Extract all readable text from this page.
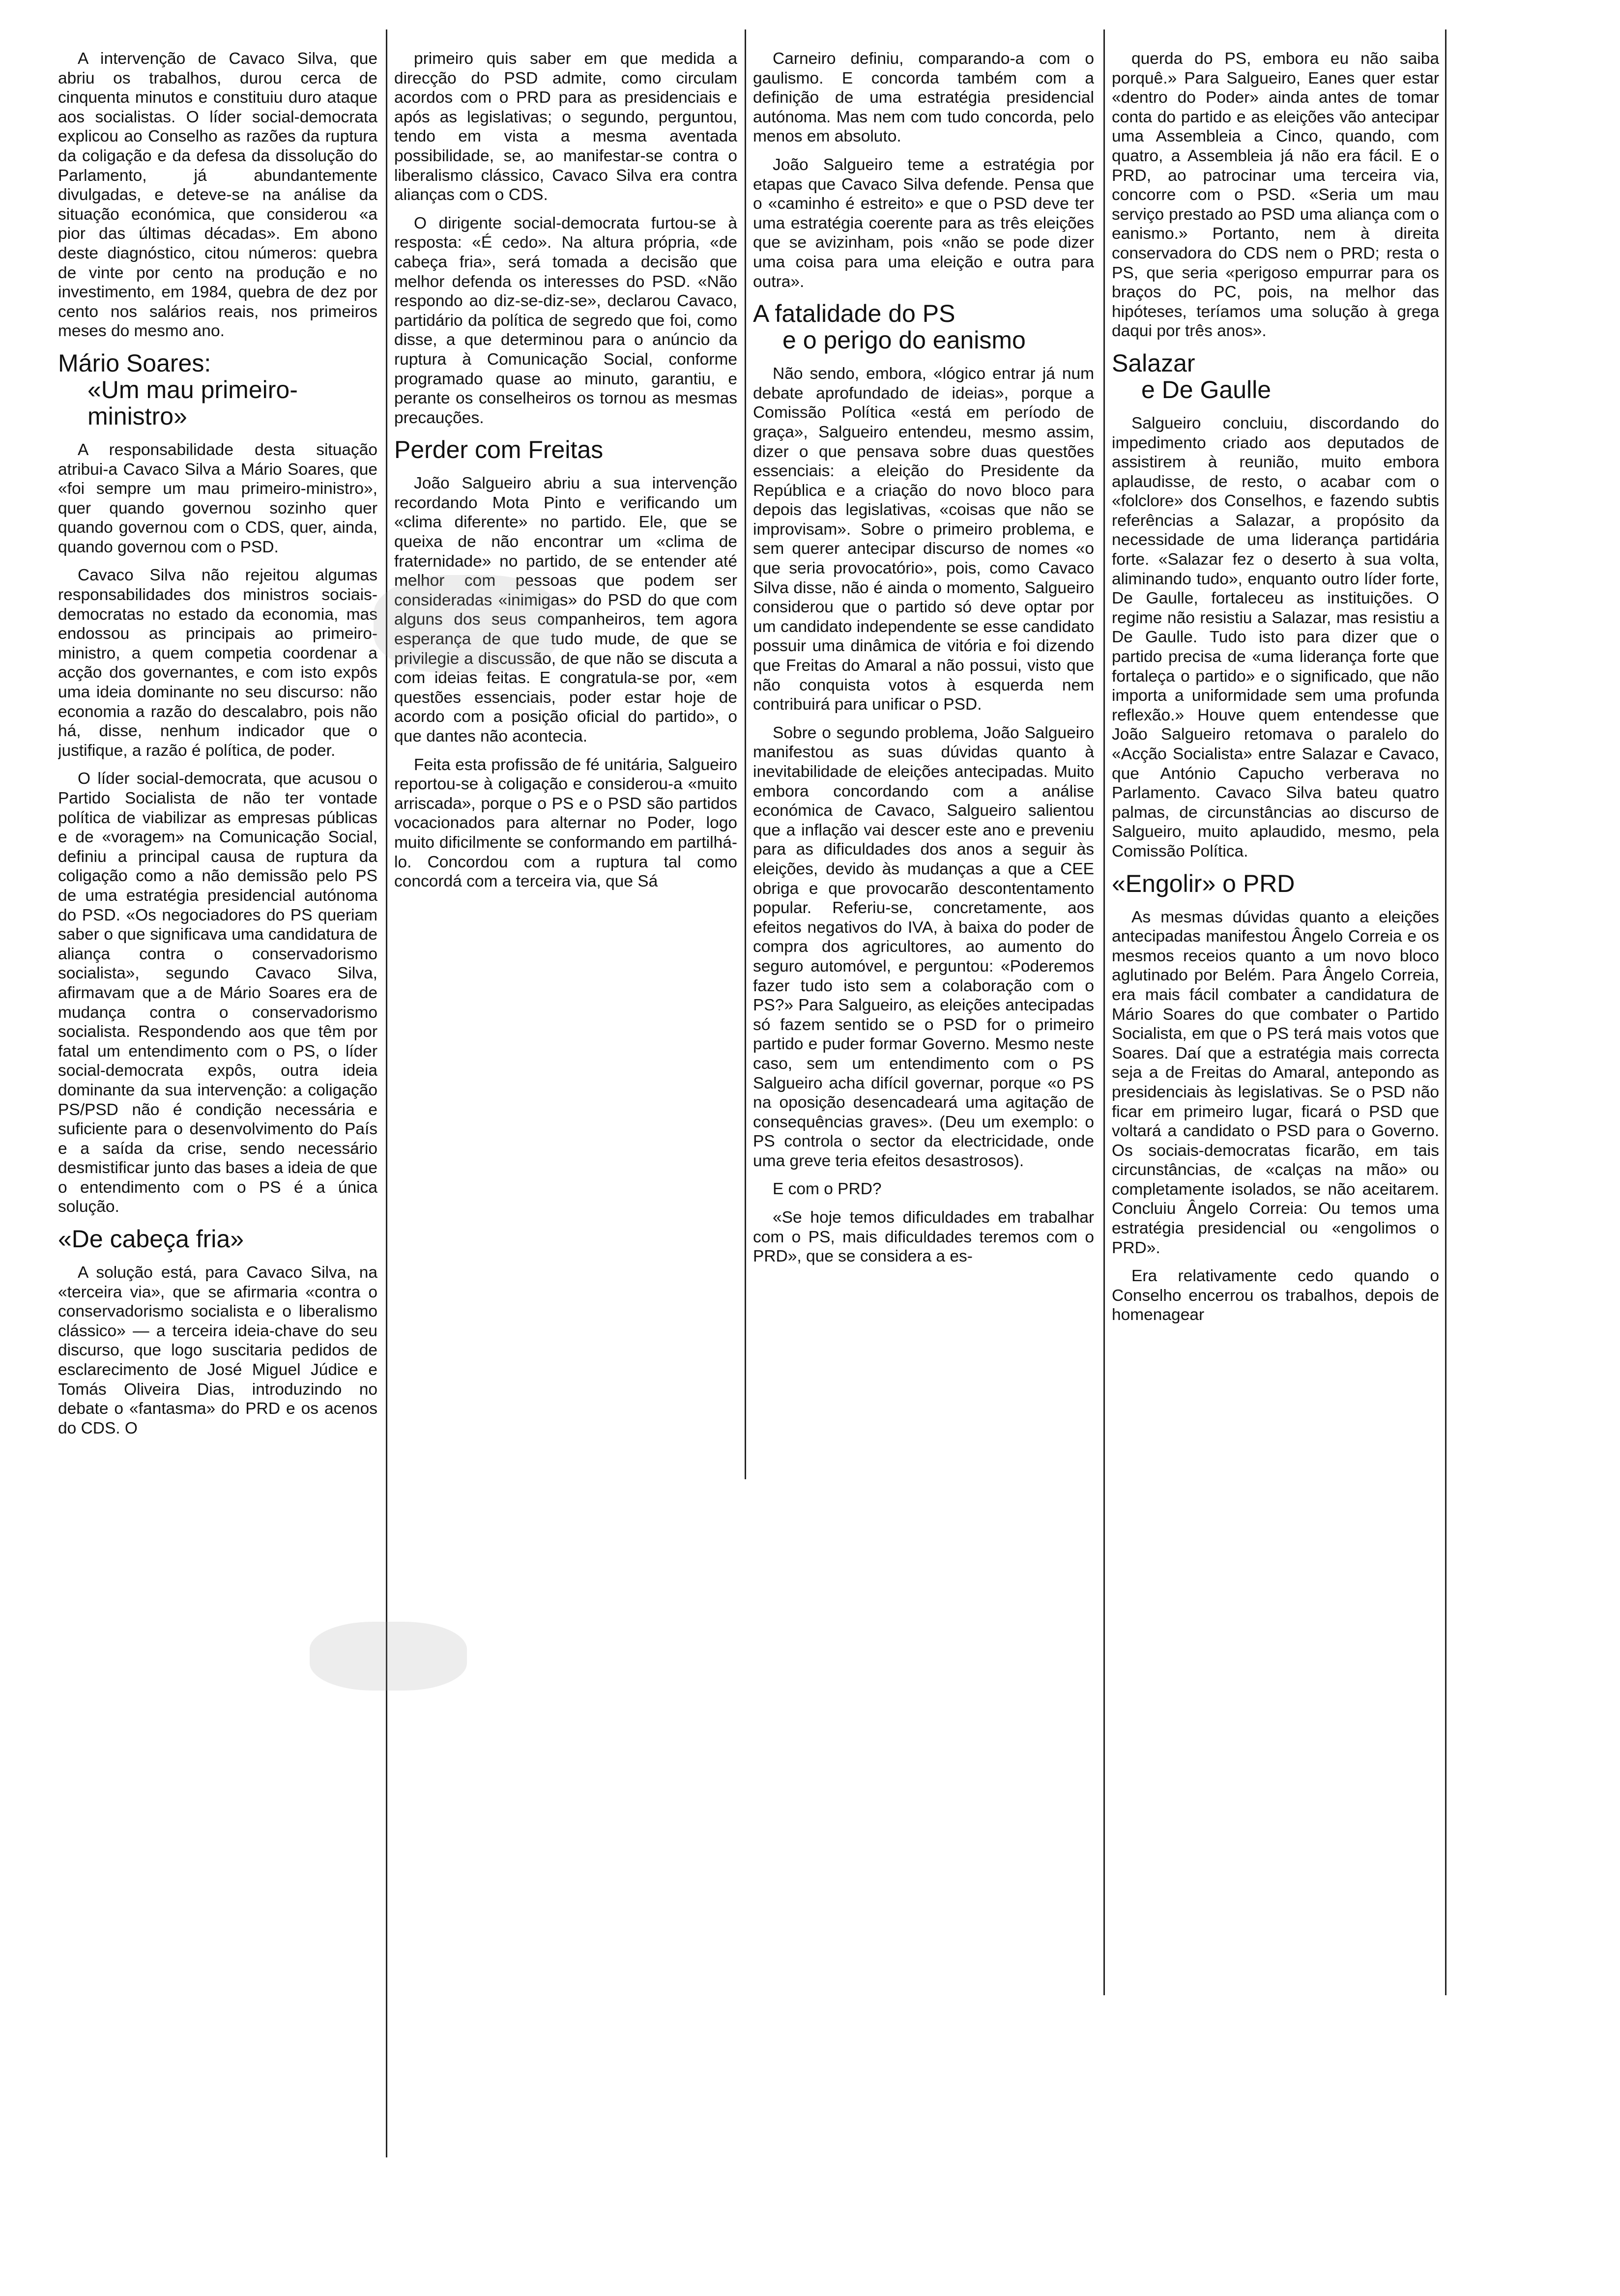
A intervenção de Cavaco Silva, que abriu os trabalhos, durou cerca de cinquenta minutos e constituiu duro ataque aos socialistas. O líder social-democrata explicou ao Conselho as razões da ruptura da coligação e da defesa da dissolução do Parlamento, já abundantemente divulgadas, e deteve-se na análise da situação económica, que considerou «a pior das últimas décadas». Em abono deste diagnóstico, citou números: quebra de vinte por cento na produção e no investimento, em 1984, quebra de dez por cento nos salários reais, nos primeiros meses do mesmo ano.

Mário Soares:
«Um mau primeiro-ministro»

A responsabilidade desta situação atribui-a Cavaco Silva a Mário Soares, que «foi sempre um mau primeiro-ministro», quer quando governou sozinho quer quando governou com o CDS, quer, ainda, quando governou com o PSD.

Cavaco Silva não rejeitou algumas responsabilidades dos ministros sociais-democratas no estado da economia, mas endossou as principais ao primeiro-ministro, a quem competia coordenar a acção dos governantes, e com isto expôs uma ideia dominante no seu discurso: não economia a razão do descalabro, pois não há, disse, nenhum indicador que o justifique, a razão é política, de poder.

O líder social-democrata, que acusou o Partido Socialista de não ter vontade política de viabilizar as empresas públicas e de «voragem» na Comunicação Social, definiu a principal causa de ruptura da coligação como a não demissão pelo PS de uma estratégia presidencial autónoma do PSD. «Os negociadores do PS queriam saber o que significava uma candidatura de aliança contra o conservadorismo socialista», segundo Cavaco Silva, afirmavam que a de Mário Soares era de mudança contra o conservadorismo socialista. Respondendo aos que têm por fatal um entendimento com o PS, o líder social-democrata expôs, outra ideia dominante da sua intervenção: a coligação PS/PSD não é condição necessária e suficiente para o desenvolvimento do País e a saída da crise, sendo necessário desmistificar junto das bases a ideia de que o entendimento com o PS é a única solução.

«De cabeça fria»

A solução está, para Cavaco Silva, na «terceira via», que se afirmaria «contra o conservadorismo socialista e o liberalismo clássico» — a terceira ideia-chave do seu discurso, que logo suscitaria pedidos de esclarecimento de José Miguel Júdice e Tomás Oliveira Dias, introduzindo no debate o «fantasma» do PRD e os acenos do CDS. O

primeiro quis saber em que medida a direcção do PSD admite, como circulam acordos com o PRD para as presidenciais e após as legislativas; o segundo, perguntou, tendo em vista a mesma aventada possibilidade, se, ao manifestar-se contra o liberalismo clássico, Cavaco Silva era contra alianças com o CDS.

O dirigente social-democrata furtou-se à resposta: «É cedo». Na altura própria, «de cabeça fria», será tomada a decisão que melhor defenda os interesses do PSD. «Não respondo ao diz-se-diz-se», declarou Cavaco, partidário da política de segredo que foi, como disse, a que determinou para o anúncio da ruptura à Comunicação Social, conforme programado quase ao minuto, garantiu, e perante os conselheiros os tornou as mesmas precauções.

Perder com Freitas

João Salgueiro abriu a sua intervenção recordando Mota Pinto e verificando um «clima diferente» no partido. Ele, que se queixa de não encontrar um «clima de fraternidade» no partido, de se entender até melhor com pessoas que podem ser consideradas «inimigas» do PSD do que com alguns dos seus companheiros, tem agora esperança de que tudo mude, de que se privilegie a discussão, de que não se discuta a com ideias feitas. E congratula-se por, «em questões essenciais, poder estar hoje de acordo com a posição oficial do partido», o que dantes não acontecia.

Feita esta profissão de fé unitária, Salgueiro reportou-se à coligação e considerou-a «muito arriscada», porque o PS e o PSD são partidos vocacionados para alternar no Poder, logo muito dificilmente se conformando em partilhá-lo. Concordou com a ruptura tal como concordá com a terceira via, que Sá

Carneiro definiu, comparando-a com o gaulismo. E concorda também com a definição de uma estratégia presidencial autónoma. Mas nem com tudo concorda, pelo menos em absoluto.

João Salgueiro teme a estratégia por etapas que Cavaco Silva defende. Pensa que o «caminho é estreito» e que o PSD deve ter uma estratégia coerente para as três eleições que se avizinham, pois «não se pode dizer uma coisa para uma eleição e outra para outra».

A fatalidade do PS
e o perigo do eanismo

Não sendo, embora, «lógico entrar já num debate aprofundado de ideias», porque a Comissão Política «está em período de graça», Salgueiro entendeu, mesmo assim, dizer o que pensava sobre duas questões essenciais: a eleição do Presidente da República e a criação do novo bloco para depois das legislativas, «coisas que não se improvisam». Sobre o primeiro problema, e sem querer antecipar discurso de nomes «o que seria provocatório», pois, como Cavaco Silva disse, não é ainda o momento, Salgueiro considerou que o partido só deve optar por um candidato independente se esse candidato possuir uma dinâmica de vitória e foi dizendo que Freitas do Amaral a não possui, visto que não conquista votos à esquerda nem contribuirá para unificar o PSD.

Sobre o segundo problema, João Salgueiro manifestou as suas dúvidas quanto à inevitabilidade de eleições antecipadas. Muito embora concordando com a análise económica de Cavaco, Salgueiro salientou que a inflação vai descer este ano e preveniu para as dificuldades dos anos a seguir às eleições, devido às mudanças a que a CEE obriga e que provocarão descontentamento popular. Referiu-se, concretamente, aos efeitos negativos do IVA, à baixa do poder de compra dos agricultores, ao aumento do seguro automóvel, e perguntou: «Poderemos fazer tudo isto sem a colaboração com o PS?» Para Salgueiro, as eleições antecipadas só fazem sentido se o PSD for o primeiro partido e puder formar Governo. Mesmo neste caso, sem um entendimento com o PS Salgueiro acha difícil governar, porque «o PS na oposição desencadeará uma agitação de consequências graves». (Deu um exemplo: o PS controla o sector da electricidade, onde uma greve teria efeitos desastrosos).

E com o PRD?

«Se hoje temos dificuldades em trabalhar com o PS, mais dificuldades teremos com o PRD», que se considera a es-

querda do PS, embora eu não saiba porquê.» Para Salgueiro, Eanes quer estar «dentro do Poder» ainda antes de tomar conta do partido e as eleições vão antecipar uma Assembleia a Cinco, quando, com quatro, a Assembleia já não era fácil. E o PRD, ao patrocinar uma terceira via, concorre com o PSD. «Seria um mau serviço prestado ao PSD uma aliança com o eanismo.» Portanto, nem à direita conservadora do CDS nem o PRD; resta o PS, que seria «perigoso empurrar para os braços do PC, pois, na melhor das hipóteses, teríamos uma solução à grega daqui por três anos».

Salazar
e De Gaulle

Salgueiro concluiu, discordando do impedimento criado aos deputados de assistirem à reunião, muito embora aplaudisse, de resto, o acabar com o «folclore» dos Conselhos, e fazendo subtis referências a Salazar, a propósito da necessidade de uma liderança partidária forte. «Salazar fez o deserto à sua volta, aliminando tudo», enquanto outro líder forte, De Gaulle, fortaleceu as instituições. O regime não resistiu a Salazar, mas resistiu a De Gaulle. Tudo isto para dizer que o partido precisa de «uma liderança forte que fortaleça o partido» e o significado, que não importa a uniformidade sem uma profunda reflexão.» Houve quem entendesse que João Salgueiro retomava o paralelo do «Acção Socialista» entre Salazar e Cavaco, que António Capucho verberava no Parlamento. Cavaco Silva bateu quatro palmas, de circunstâncias ao discurso de Salgueiro, muito aplaudido, mesmo, pela Comissão Política.

«Engolir» o PRD

As mesmas dúvidas quanto a eleições antecipadas manifestou Ângelo Correia e os mesmos receios quanto a um novo bloco aglutinado por Belém. Para Ângelo Correia, era mais fácil combater a candidatura de Mário Soares do que combater o Partido Socialista, em que o PS terá mais votos que Soares. Daí que a estratégia mais correcta seja a de Freitas do Amaral, antepondo as presidenciais às legislativas. Se o PSD não ficar em primeiro lugar, ficará o PSD que voltará a candidato o PSD para o Governo. Os sociais-democratas ficarão, em tais circunstâncias, de «calças na mão» ou completamente isolados, se não aceitarem. Concluiu Ângelo Correia: Ou temos uma estratégia presidencial ou «engolimos o PRD».

Era relativamente cedo quando o Conselho encerrou os trabalhos, depois de homenagear
